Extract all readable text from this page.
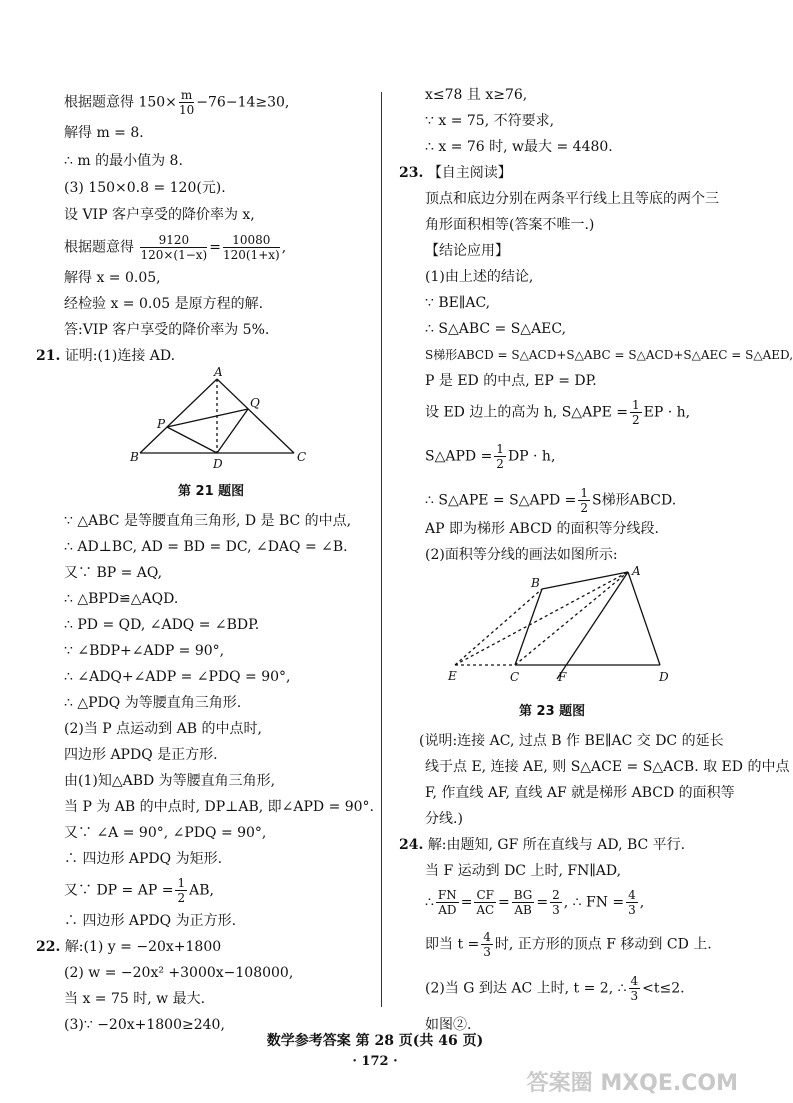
根据题意得 $150\times \frac{m}{10} -76-14\ge 30$,
解得 m = 8.
∴ m 的最小值为 8.
(3) 150×0.8 = 120(元).
设 VIP 客户享受的降价率为 x,
根据题意得 $\frac{9120}{120\times(1-x)} = \frac{10080}{120(1+x)}$ ,
解得 x = 0.05,
经检验 x = 0.05 是原方程的解.
答:VIP 客户享受的降价率为 5%.
21. 证明:(1)连接 AD.
A
B	C
D
P
Q
第 21 题图
∵ △ABC 是等腰直角三角形, D 是 BC 的中点,
∴ AD⊥BC, AD = BD = DC, ∠DAQ = ∠B.
又∵ BP = AQ,
∴ △BPD≌△AQD.
∴ PD = QD, ∠ADQ = ∠BDP.
∵ ∠BDP+∠ADP = 90°,
∴ ∠ADQ+∠ADP = ∠PDQ = 90°,
∴ △PDQ 为等腰直角三角形.
(2)当 P 点运动到 AB 的中点时,
四边形 APDQ 是正方形.
由(1)知△ABD 为等腰直角三角形,
当 P 为 AB 的中点时, DP⊥AB, 即∠APD = 90°.
又∵ ∠A = 90°, ∠PDQ = 90°,
∴ 四边形 APDQ 为矩形.
又∵ DP = AP = $\frac{1}{2}$ AB,
∴ 四边形 APDQ 为正方形.
22. 解:(1) y = −20x+1800
(2) w = −20x² +3000x−108000,
当 x = 75 时, w 最大.
(3)∵ −20x+1800≥240,
x≤78 且 x≥76,
∵ x = 75, 不符要求,
∴ x = 76 时, w最大 = 4480.
23. 【自主阅读】
顶点和底边分别在两条平行线上且等底的两个三
角形面积相等(答案不唯一.)
【结论应用】
(1)由上述的结论,
∵ BE∥AC,
∴ S△ABC = S△AEC,
S梯形ABCD = S△ACD+S△ABC = S△ACD+S△AEC = S△AED,
P 是 ED 的中点, EP = DP.
设 ED 边上的高为 h, S△APE = $\frac{1}{2}$ EP · h,
S△APD = $\frac{1}{2}$ DP · h,
∴ S△APE = S△APD = $\frac{1}{2}$ S梯形ABCD.
AP 即为梯形 ABCD 的面积等分线段.
(2)面积等分线的画法如图所示:
A
B
C	D
E	F
第 23 题图
(说明:连接 AC, 过点 B 作 BE∥AC 交 DC 的延长
线于点 E, 连接 AE, 则 S△ACE = S△ACB. 取 ED 的中点
F, 作直线 AF, 直线 AF 就是梯形 ABCD 的面积等
分线.)
24. 解:由题知, GF 所在直线与 AD, BC 平行.
当 F 运动到 DC 上时, FN∥AD,
∴ $\frac{FN}{AD} = \frac{CF}{AC} = \frac{BG}{AB} = \frac{2}{3}$ , ∴ FN = $\frac{4}{3}$ ,
即当 $t = \frac{4}{3}$ 时, 正方形的顶点 F 移动到 CD 上.
(2)当 G 到达 AC 上时, t = 2, ∴ $\frac{4}{3} <t\le 2$.
如图②.
数学参考答案 第 28 页(共 46 页)
· 172 ·
答案圈 MXQE.COM
